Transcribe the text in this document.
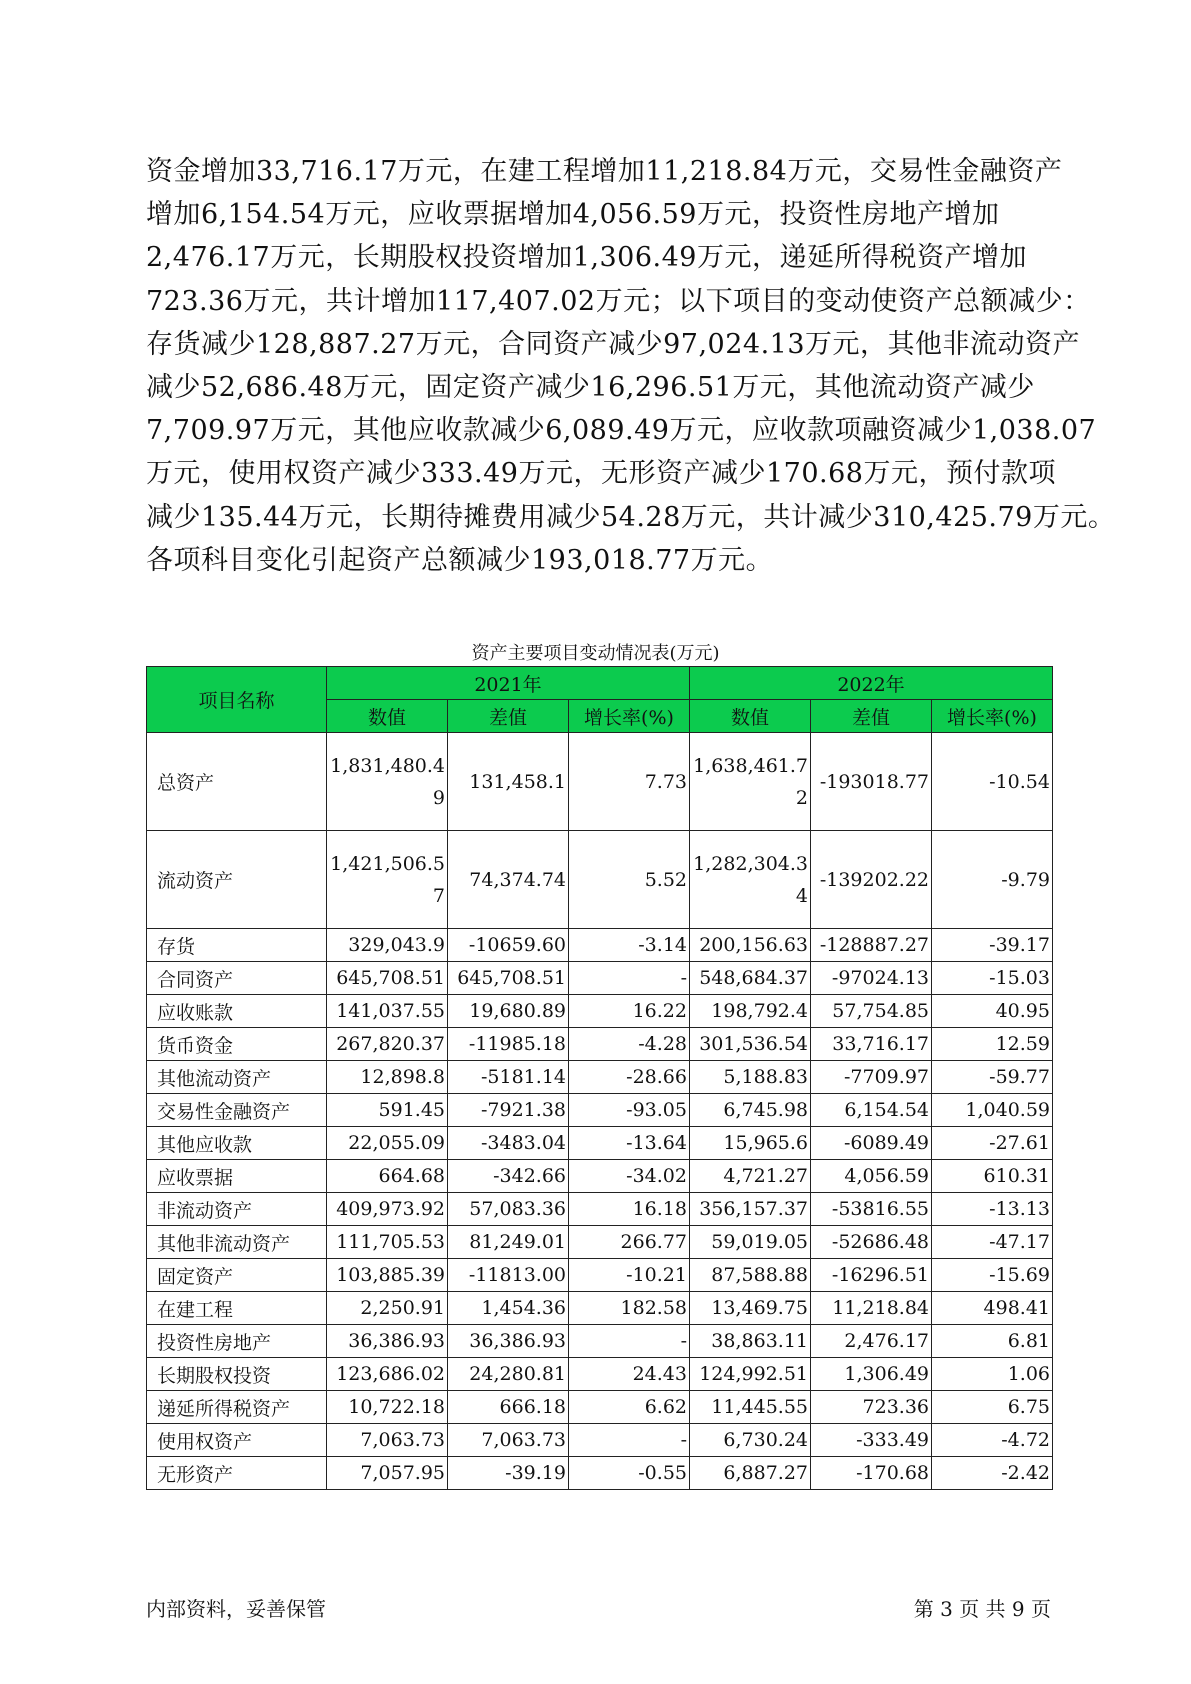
资金增加33,716.17万元，在建工程增加11,218.84万元，交易性金融资产
增加6,154.54万元，应收票据增加4,056.59万元，投资性房地产增加
2,476.17万元，长期股权投资增加1,306.49万元，递延所得税资产增加
723.36万元，共计增加117,407.02万元；以下项目的变动使资产总额减少：
存货减少128,887.27万元，合同资产减少97,024.13万元，其他非流动资产
减少52,686.48万元，固定资产减少16,296.51万元，其他流动资产减少
7,709.97万元，其他应收款减少6,089.49万元，应收款项融资减少1,038.07
万元，使用权资产减少333.49万元，无形资产减少170.68万元，预付款项
减少135.44万元，长期待摊费用减少54.28万元，共计减少310,425.79万元。
各项科目变化引起资产总额减少193,018.77万元。

资产主要项目变动情况表(万元)

项目名称	2021年			2022年		
	数值	差值	增长率(%)	数值	差值	增长率(%)
总资产	1,831,480.49	131,458.1	7.73	1,638,461.72	-193018.77	-10.54
流动资产	1,421,506.57	74,374.74	5.52	1,282,304.34	-139202.22	-9.79
存货	329,043.9	-10659.60	-3.14	200,156.63	-128887.27	-39.17
合同资产	645,708.51	645,708.51	-	548,684.37	-97024.13	-15.03
应收账款	141,037.55	19,680.89	16.22	198,792.4	57,754.85	40.95
货币资金	267,820.37	-11985.18	-4.28	301,536.54	33,716.17	12.59
其他流动资产	12,898.8	-5181.14	-28.66	5,188.83	-7709.97	-59.77
交易性金融资产	591.45	-7921.38	-93.05	6,745.98	6,154.54	1,040.59
其他应收款	22,055.09	-3483.04	-13.64	15,965.6	-6089.49	-27.61
应收票据	664.68	-342.66	-34.02	4,721.27	4,056.59	610.31
非流动资产	409,973.92	57,083.36	16.18	356,157.37	-53816.55	-13.13
其他非流动资产	111,705.53	81,249.01	266.77	59,019.05	-52686.48	-47.17
固定资产	103,885.39	-11813.00	-10.21	87,588.88	-16296.51	-15.69
在建工程	2,250.91	1,454.36	182.58	13,469.75	11,218.84	498.41
投资性房地产	36,386.93	36,386.93	-	38,863.11	2,476.17	6.81
长期股权投资	123,686.02	24,280.81	24.43	124,992.51	1,306.49	1.06
递延所得税资产	10,722.18	666.18	6.62	11,445.55	723.36	6.75
使用权资产	7,063.73	7,063.73	-	6,730.24	-333.49	-4.72
无形资产	7,057.95	-39.19	-0.55	6,887.27	-170.68	-2.42
内部资料，妥善保管	第 3 页 共 9 页
